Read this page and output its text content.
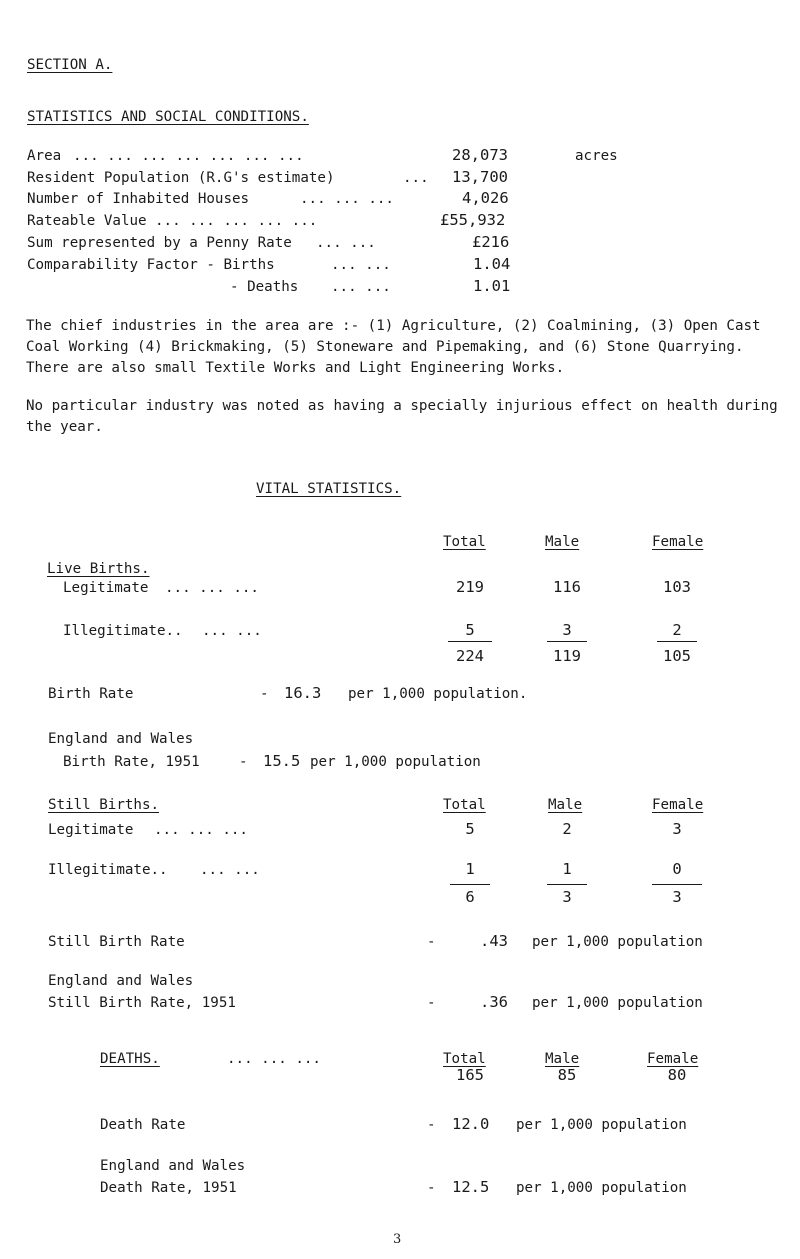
SECTION A.
STATISTICS AND SOCIAL CONDITIONS.
Area ... ... ... ... ... ... ...	28,073	acres
Resident Population (R.G's estimate)	... 13,700
Number of Inhabited Houses	... ... ...	4,026
Rateable Value ... ... ... ... ...	£55,932
Sum represented by a Penny Rate ... ...	£216
Comparability Factor - Births	... ...	1.04
- Deaths ... ...	1.01
The chief industries in the area are :- (1) Agriculture, (2) Coalmining, (3) Open Cast Coal Working (4) Brickmaking, (5) Stoneware and Pipemaking, and (6) Stone Quarrying. There are also small Textile Works and Light Engineering Works.
No particular industry was noted as having a specially injurious effect on health during the year.
VITAL STATISTICS.
Total	Male	Female
Live Births.
Legitimate ... ... ...	219	116	103
Illegitimate.. ... ...	5	3	2
224	119	105
Birth Rate	- 16.3 per 1,000 population.
England and Wales
Birth Rate, 1951	- 15.5 per 1,000 population
Still Births.	Total	Male	Female
Legitimate ... ... ...	5	2	3
Illegitimate.. ... ...	1	1	0
6	3	3
Still Birth Rate	-	.43 per 1,000 population
England and Wales
Still Birth Rate, 1951	-	.36 per 1,000 population
DEATHS.	... ... ...	Total	Male	Female
165	85	80
Death Rate	- 12.0 per 1,000 population
England and Wales
Death Rate, 1951	- 12.5 per 1,000 population
3
